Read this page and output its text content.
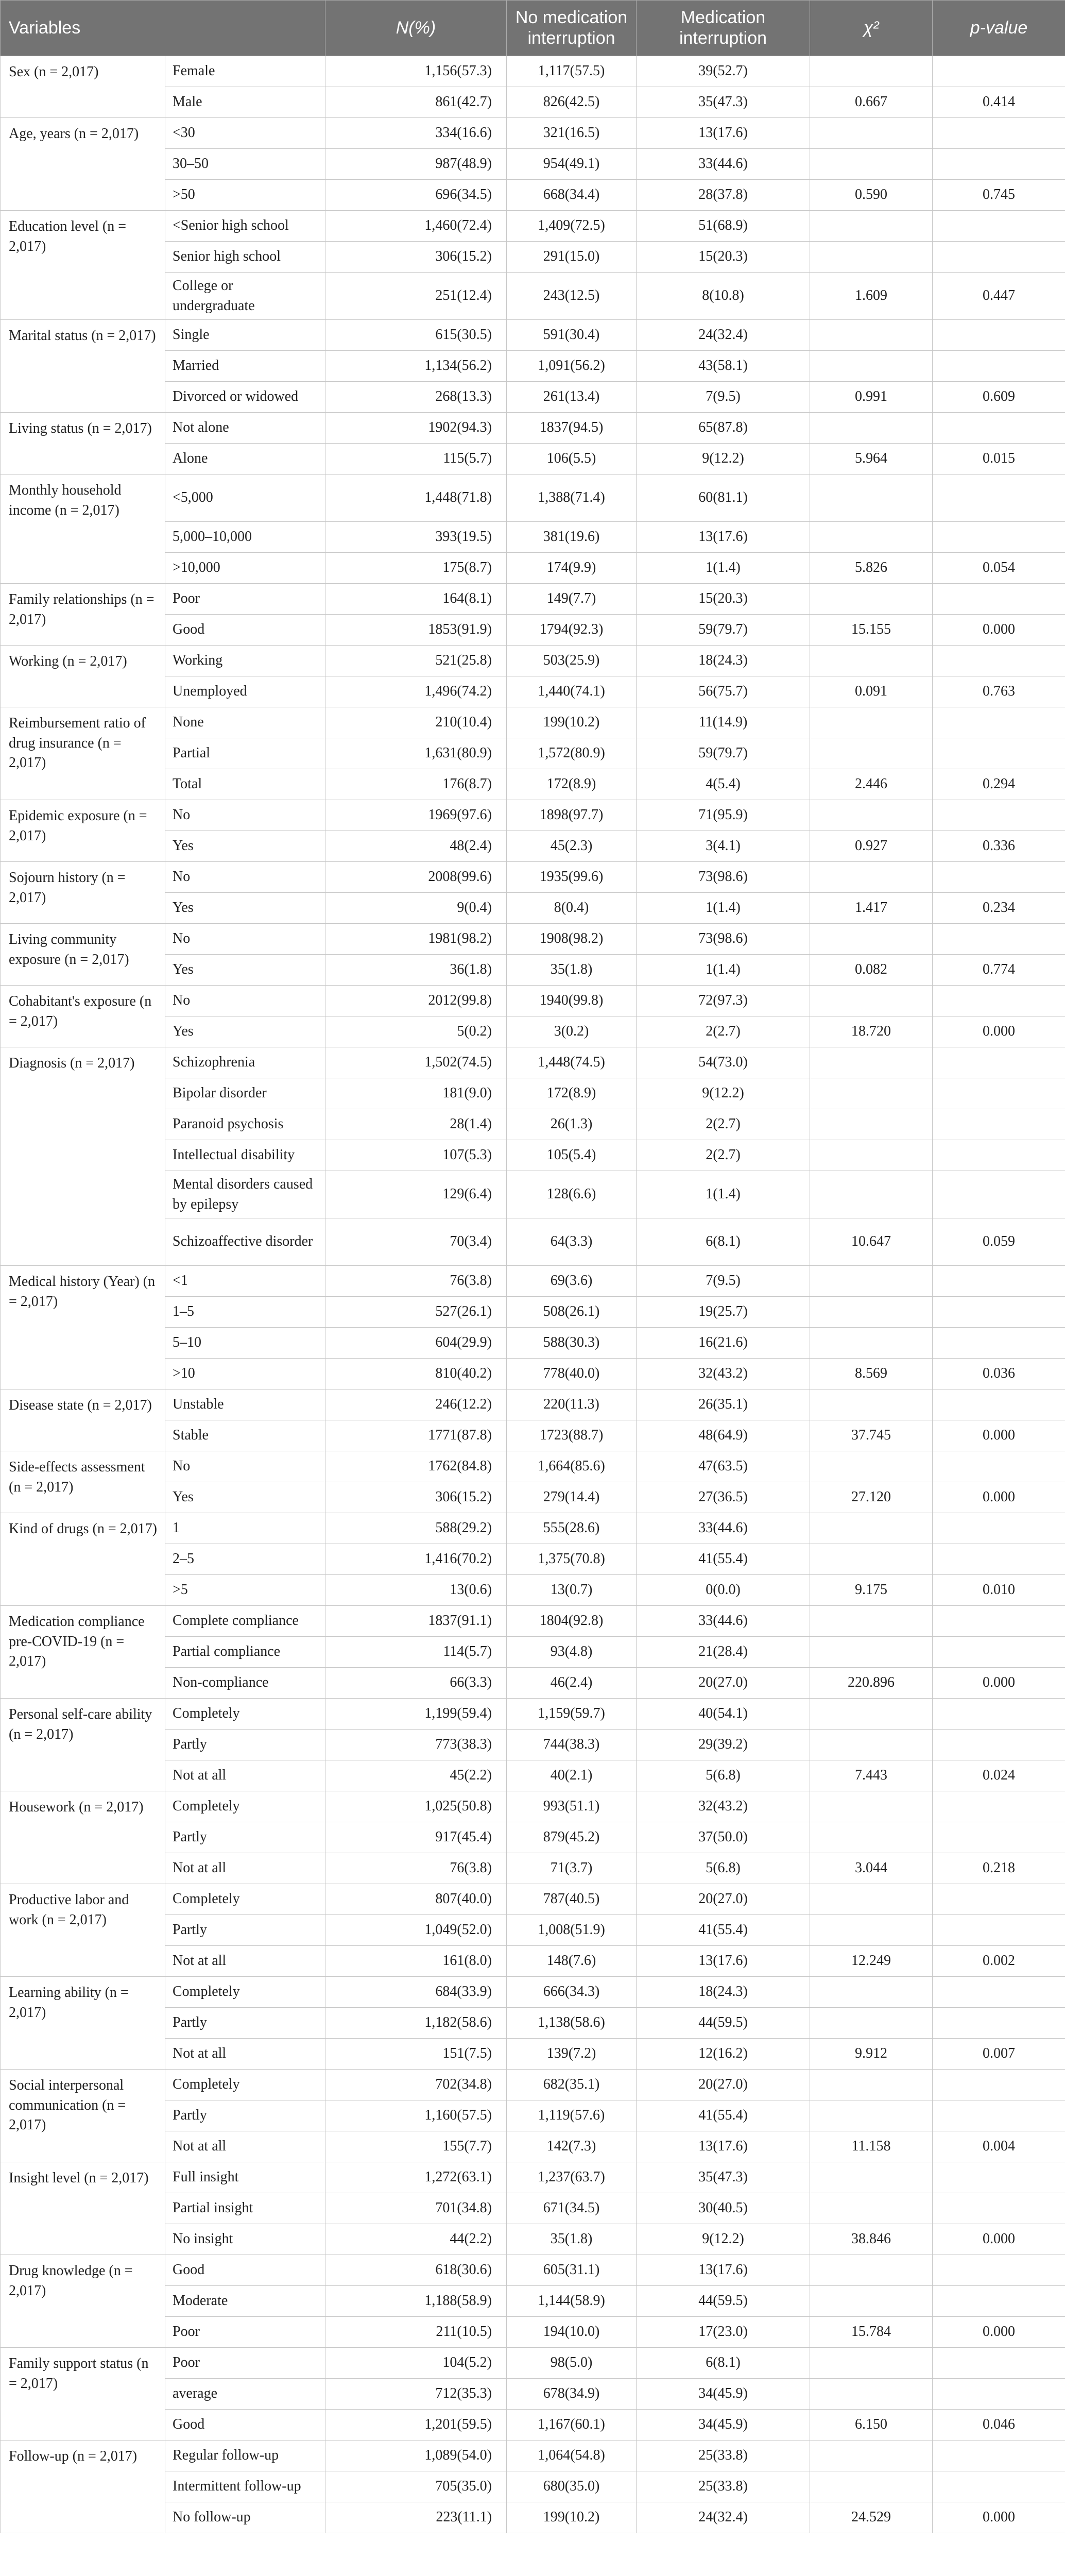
Variables		N(%)	No medication interruption	Medication interruption	χ²	p-value
Sex (n = 2,017)	Female	1,156(57.3)	1,117(57.5)	39(52.7)		
	Male	861(42.7)	826(42.5)	35(47.3)	0.667	0.414
Age, years (n = 2,017)	<30	334(16.6)	321(16.5)	13(17.6)		
	30–50	987(48.9)	954(49.1)	33(44.6)		
	>50	696(34.5)	668(34.4)	28(37.8)	0.590	0.745
Education level (n = 2,017)	<Senior high school	1,460(72.4)	1,409(72.5)	51(68.9)		
	Senior high school	306(15.2)	291(15.0)	15(20.3)		
	College or undergraduate	251(12.4)	243(12.5)	8(10.8)	1.609	0.447
Marital status (n = 2,017)	Single	615(30.5)	591(30.4)	24(32.4)		
	Married	1,134(56.2)	1,091(56.2)	43(58.1)		
	Divorced or widowed	268(13.3)	261(13.4)	7(9.5)	0.991	0.609
Living status (n = 2,017)	Not alone	1902(94.3)	1837(94.5)	65(87.8)		
	Alone	115(5.7)	106(5.5)	9(12.2)	5.964	0.015
Monthly household income (n = 2,017)	<5,000	1,448(71.8)	1,388(71.4)	60(81.1)		
	5,000–10,000	393(19.5)	381(19.6)	13(17.6)		
	>10,000	175(8.7)	174(9.9)	1(1.4)	5.826	0.054
Family relationships (n = 2,017)	Poor	164(8.1)	149(7.7)	15(20.3)		
	Good	1853(91.9)	1794(92.3)	59(79.7)	15.155	0.000
Working (n = 2,017)	Working	521(25.8)	503(25.9)	18(24.3)		
	Unemployed	1,496(74.2)	1,440(74.1)	56(75.7)	0.091	0.763
Reimbursement ratio of drug insurance (n = 2,017)	None	210(10.4)	199(10.2)	11(14.9)		
	Partial	1,631(80.9)	1,572(80.9)	59(79.7)		
	Total	176(8.7)	172(8.9)	4(5.4)	2.446	0.294
Epidemic exposure (n = 2,017)	No	1969(97.6)	1898(97.7)	71(95.9)		
	Yes	48(2.4)	45(2.3)	3(4.1)	0.927	0.336
Sojourn history (n = 2,017)	No	2008(99.6)	1935(99.6)	73(98.6)		
	Yes	9(0.4)	8(0.4)	1(1.4)	1.417	0.234
Living community exposure (n = 2,017)	No	1981(98.2)	1908(98.2)	73(98.6)		
	Yes	36(1.8)	35(1.8)	1(1.4)	0.082	0.774
Cohabitant's exposure (n = 2,017)	No	2012(99.8)	1940(99.8)	72(97.3)		
	Yes	5(0.2)	3(0.2)	2(2.7)	18.720	0.000
Diagnosis (n = 2,017)	Schizophrenia	1,502(74.5)	1,448(74.5)	54(73.0)		
	Bipolar disorder	181(9.0)	172(8.9)	9(12.2)		
	Paranoid psychosis	28(1.4)	26(1.3)	2(2.7)		
	Intellectual disability	107(5.3)	105(5.4)	2(2.7)		
	Mental disorders caused by epilepsy	129(6.4)	128(6.6)	1(1.4)		
	Schizoaffective disorder	70(3.4)	64(3.3)	6(8.1)	10.647	0.059
Medical history (Year) (n = 2,017)	<1	76(3.8)	69(3.6)	7(9.5)		
	1–5	527(26.1)	508(26.1)	19(25.7)		
	5–10	604(29.9)	588(30.3)	16(21.6)		
	>10	810(40.2)	778(40.0)	32(43.2)	8.569	0.036
Disease state (n = 2,017)	Unstable	246(12.2)	220(11.3)	26(35.1)		
	Stable	1771(87.8)	1723(88.7)	48(64.9)	37.745	0.000
Side-effects assessment (n = 2,017)	No	1762(84.8)	1,664(85.6)	47(63.5)		
	Yes	306(15.2)	279(14.4)	27(36.5)	27.120	0.000
Kind of drugs (n = 2,017)	1	588(29.2)	555(28.6)	33(44.6)		
	2–5	1,416(70.2)	1,375(70.8)	41(55.4)		
	>5	13(0.6)	13(0.7)	0(0.0)	9.175	0.010
Medication compliance pre-COVID-19 (n = 2,017)	Complete compliance	1837(91.1)	1804(92.8)	33(44.6)		
	Partial compliance	114(5.7)	93(4.8)	21(28.4)		
	Non-compliance	66(3.3)	46(2.4)	20(27.0)	220.896	0.000
Personal self-care ability (n = 2,017)	Completely	1,199(59.4)	1,159(59.7)	40(54.1)		
	Partly	773(38.3)	744(38.3)	29(39.2)		
	Not at all	45(2.2)	40(2.1)	5(6.8)	7.443	0.024
Housework (n = 2,017)	Completely	1,025(50.8)	993(51.1)	32(43.2)		
	Partly	917(45.4)	879(45.2)	37(50.0)		
	Not at all	76(3.8)	71(3.7)	5(6.8)	3.044	0.218
Productive labor and work (n = 2,017)	Completely	807(40.0)	787(40.5)	20(27.0)		
	Partly	1,049(52.0)	1,008(51.9)	41(55.4)		
	Not at all	161(8.0)	148(7.6)	13(17.6)	12.249	0.002
Learning ability (n = 2,017)	Completely	684(33.9)	666(34.3)	18(24.3)		
	Partly	1,182(58.6)	1,138(58.6)	44(59.5)		
	Not at all	151(7.5)	139(7.2)	12(16.2)	9.912	0.007
Social interpersonal communication (n = 2,017)	Completely	702(34.8)	682(35.1)	20(27.0)		
	Partly	1,160(57.5)	1,119(57.6)	41(55.4)		
	Not at all	155(7.7)	142(7.3)	13(17.6)	11.158	0.004
Insight level (n = 2,017)	Full insight	1,272(63.1)	1,237(63.7)	35(47.3)		
	Partial insight	701(34.8)	671(34.5)	30(40.5)		
	No insight	44(2.2)	35(1.8)	9(12.2)	38.846	0.000
Drug knowledge (n = 2,017)	Good	618(30.6)	605(31.1)	13(17.6)		
	Moderate	1,188(58.9)	1,144(58.9)	44(59.5)		
	Poor	211(10.5)	194(10.0)	17(23.0)	15.784	0.000
Family support status (n = 2,017)	Poor	104(5.2)	98(5.0)	6(8.1)		
	average	712(35.3)	678(34.9)	34(45.9)		
	Good	1,201(59.5)	1,167(60.1)	34(45.9)	6.150	0.046
Follow-up (n = 2,017)	Regular follow-up	1,089(54.0)	1,064(54.8)	25(33.8)		
	Intermittent follow-up	705(35.0)	680(35.0)	25(33.8)		
	No follow-up	223(11.1)	199(10.2)	24(32.4)	24.529	0.000
